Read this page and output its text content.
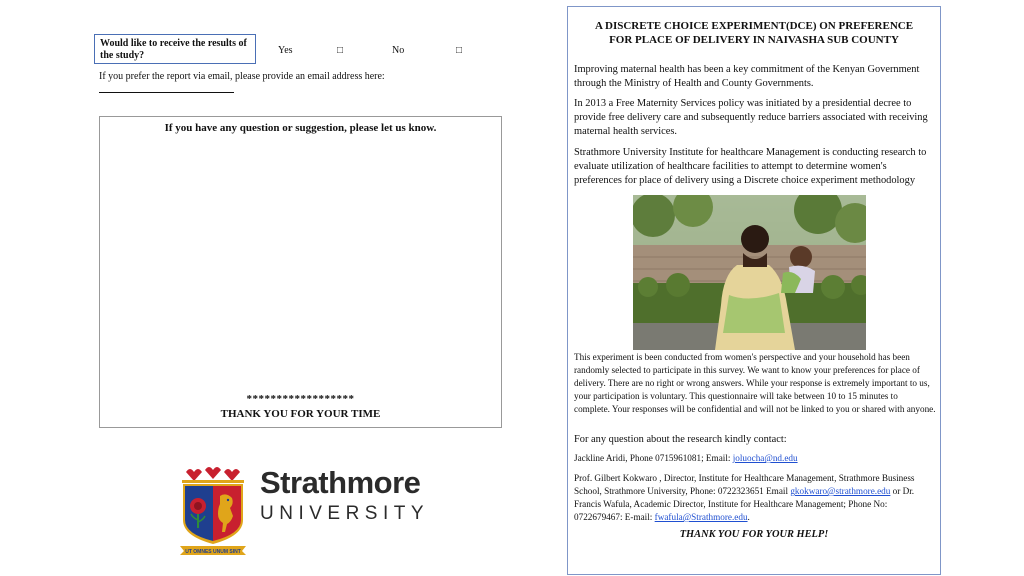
Would like to receive the results of the study?	Yes	□	No	□
If you prefer the report via email, please provide an email address here:
If you have any question or suggestion, please let us know.
******************
THANK YOU FOR YOUR TIME
UT OMNES UNUM SINT
Strathmore
UNIVERSITY
A DISCRETE CHOICE EXPERIMENT(DCE) ON PREFERENCE
FOR PLACE OF DELIVERY IN NAIVASHA SUB COUNTY
Improving maternal health has been a key commitment of the Kenyan Government through the Ministry of Health and County Governments.
In 2013 a Free Maternity Services policy was initiated by a presidential decree to provide free delivery care and subsequently reduce barriers associated with receiving maternal health services.
Strathmore University Institute for healthcare Management is conducting research to evaluate utilization of healthcare facilities to attempt to determine women's preferences for place of delivery using a Discrete choice experiment methodology
This experiment is been conducted from women's perspective and your household has been randomly selected to participate in this survey. We want to know your preferences for place of delivery. There are no right or wrong answers. While your response is extremely important to us, your participation is voluntary. This questionnaire will take between 10 to 15 minutes to complete. Your responses will be confidential and will not be linked to you or shared with anyone.
For any question about the research kindly contact:
Jackline Aridi, Phone 0715961081; Email: joluocha@nd.edu
Prof. Gilbert Kokwaro , Director, Institute for Healthcare Management, Strathmore Business School, Strathmore University, Phone: 0722323651 Email gkokwaro@strathmore.edu or Dr. Francis Wafula, Academic Director, Institute for Healthcare Management; Phone No: 0722679467: E-mail: fwafula@Strathmore.edu.
THANK YOU FOR YOUR HELP!
